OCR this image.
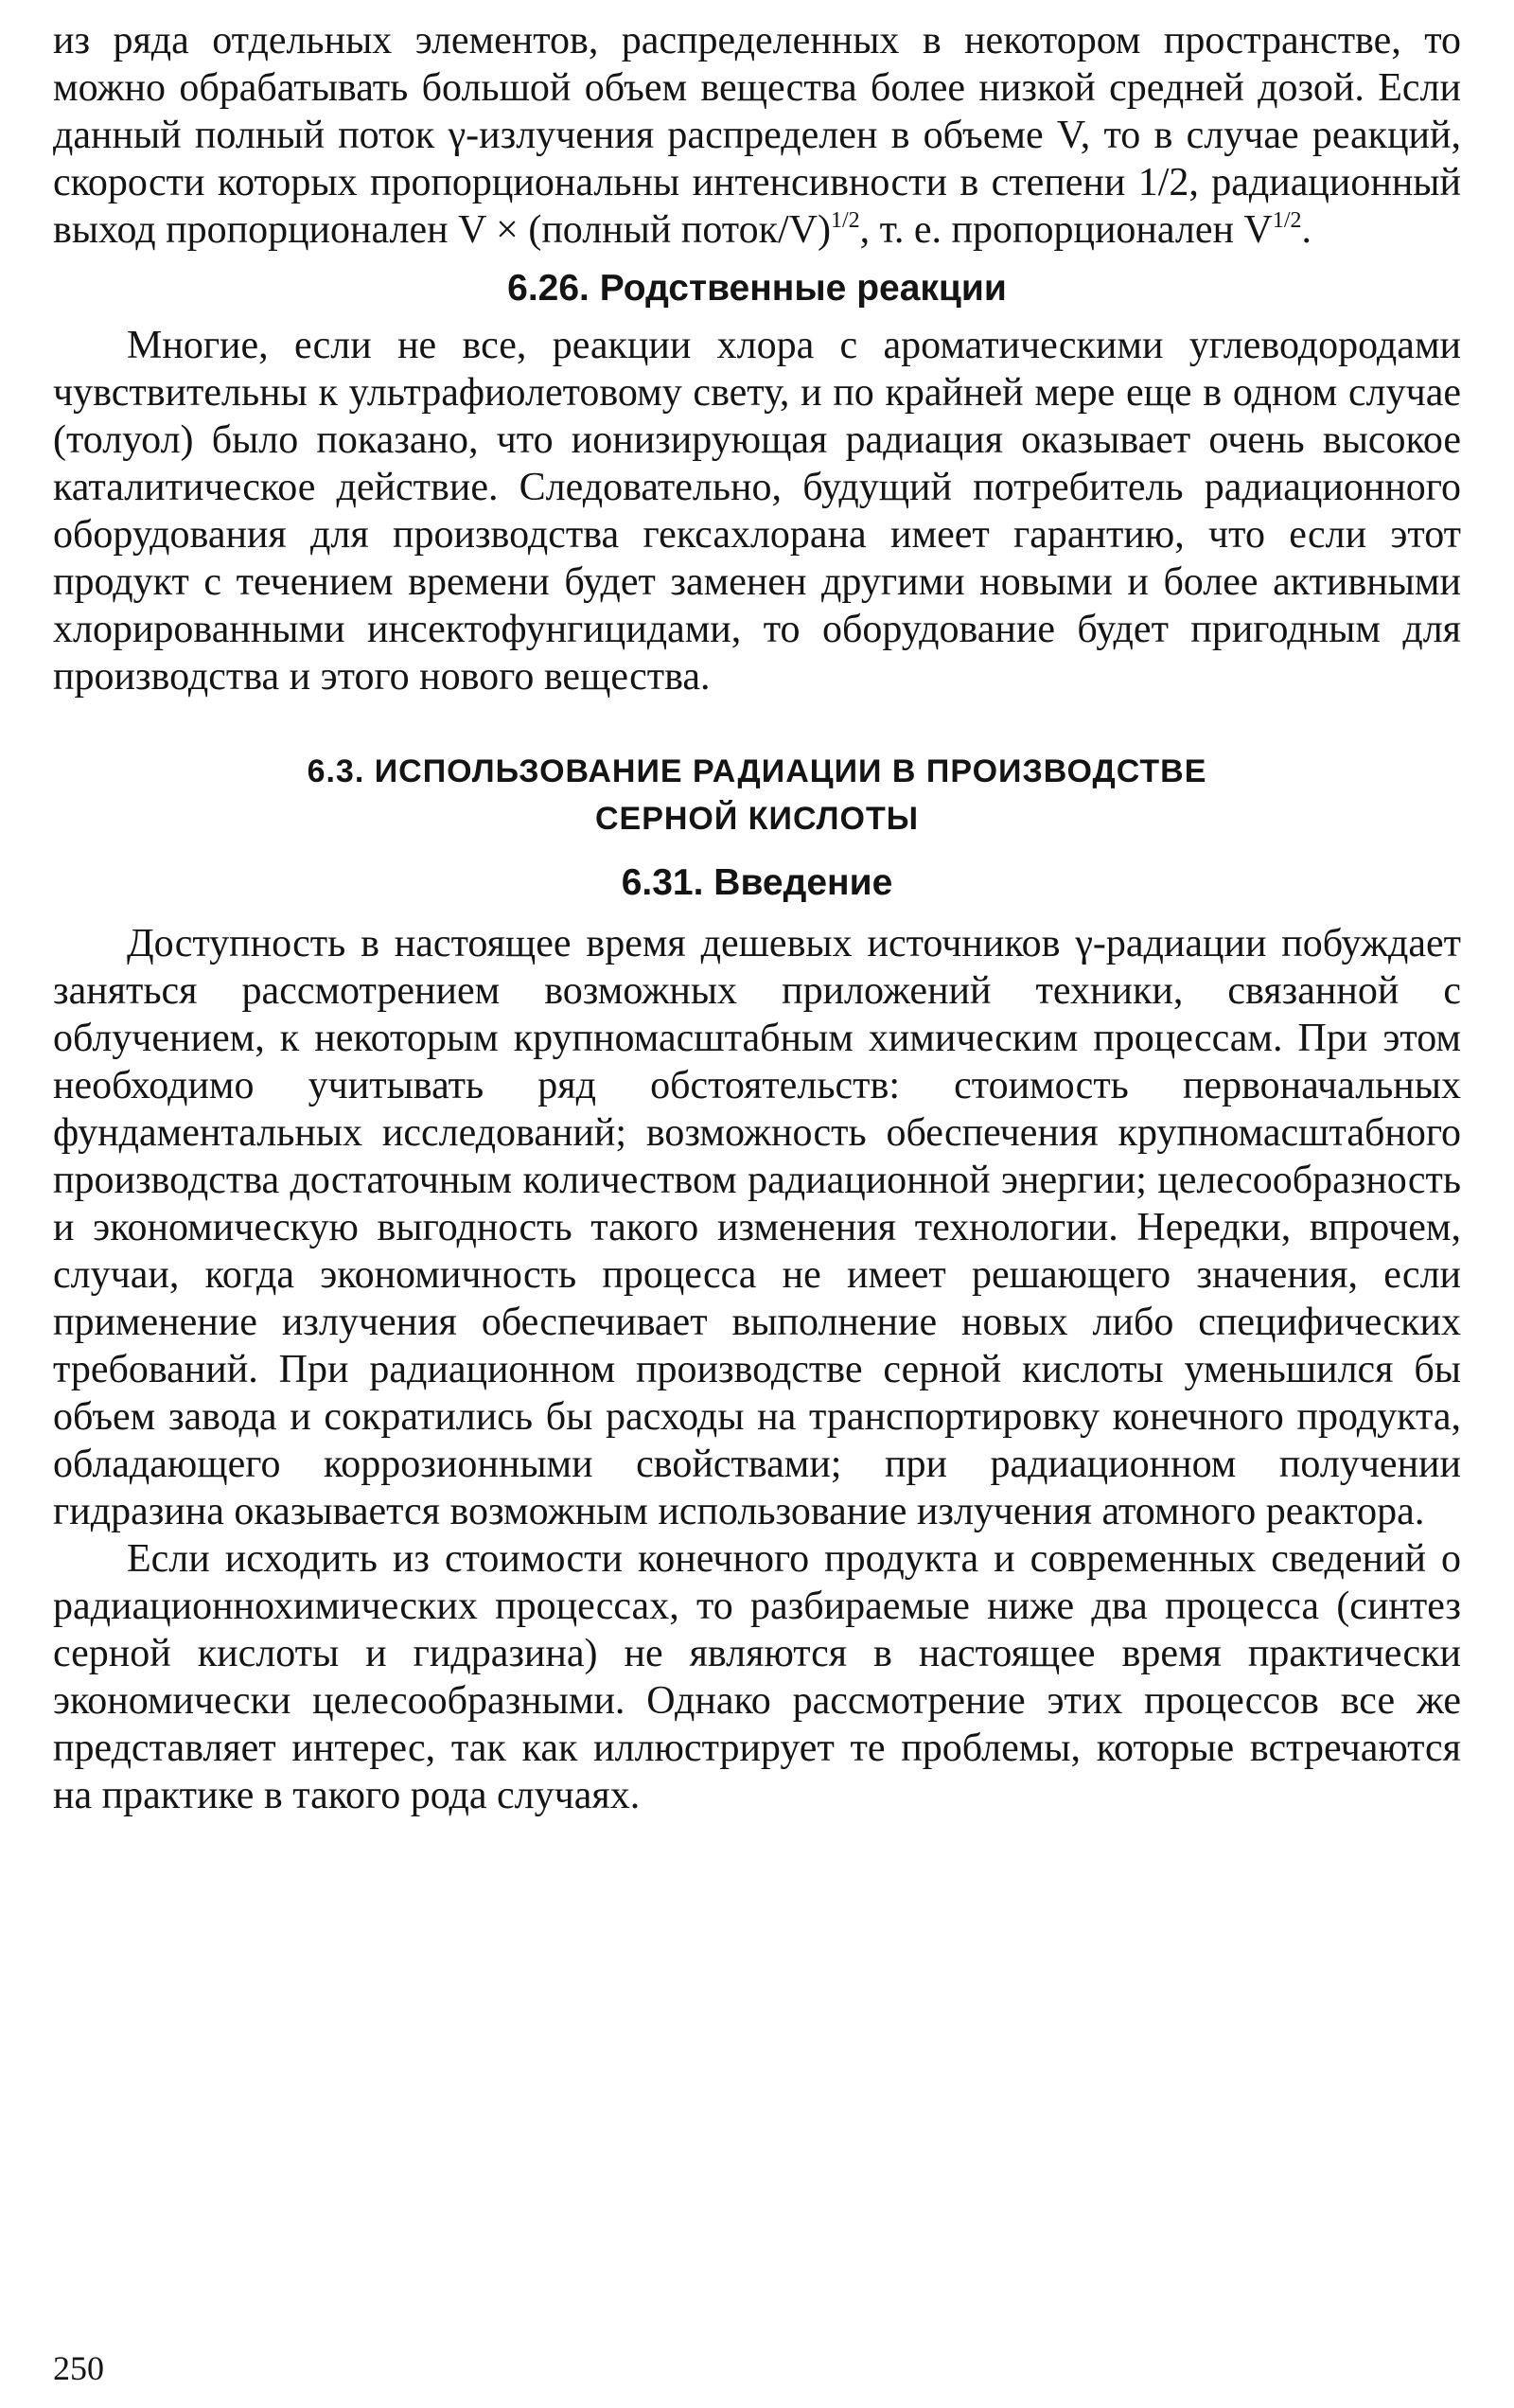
из ряда отдельных элементов, распределенных в некотором пространстве, то можно обрабатывать большой объем вещества более низкой средней дозой. Если данный полный поток γ-излучения распределен в объеме V, то в случае реакций, скорости которых пропорциональны интенсивности в степени 1/2, радиационный выход пропорционален V × (полный поток/V)$^{1/2}$, т. е. пропорционален $V^{1/2}$.

6.26. Родственные реакции

Многие, если не все, реакции хлора с ароматическими углеводородами чувствительны к ультрафиолетовому свету, и по крайней мере еще в одном случае (толуол) было показано, что ионизирующая радиация оказывает очень высокое каталитическое действие. Следовательно, будущий потребитель радиационного оборудования для производства гексахлорана имеет гарантию, что если этот продукт с течением времени будет заменен другими новыми и более активными хлорированными инсектофунгицидами, то оборудование будет пригодным для производства и этого нового вещества.

6.3. ИСПОЛЬЗОВАНИЕ РАДИАЦИИ В ПРОИЗВОДСТВЕ
СЕРНОЙ КИСЛОТЫ
6.31. Введение

Доступность в настоящее время дешевых источников γ-радиации побуждает заняться рассмотрением возможных приложений техники, связанной с облучением, к некоторым крупномасштабным химическим процессам. При этом необходимо учитывать ряд обстоятельств: стоимость первоначальных фундаментальных исследований; возможность обеспечения крупномасштабного производства достаточным количеством радиационной энергии; целесообразность и экономическую выгодность такого изменения технологии. Нередки, впрочем, случаи, когда экономичность процесса не имеет решающего значения, если применение излучения обеспечивает выполнение новых либо специфических требований. При радиационном производстве серной кислоты уменьшился бы объем завода и сократились бы расходы на транспортировку конечного продукта, обладающего коррозионными свойствами; при радиационном получении гидразина оказывается возможным использование излучения атомного реактора.

Если исходить из стоимости конечного продукта и современных сведений о радиационнохимических процессах, то разбираемые ниже два процесса (синтез серной кислоты и гидразина) не являются в настоящее время практически экономически целесообразными. Однако рассмотрение этих процессов все же представляет интерес, так как иллюстрирует те проблемы, которые встречаются на практике в такого рода случаях.

250
